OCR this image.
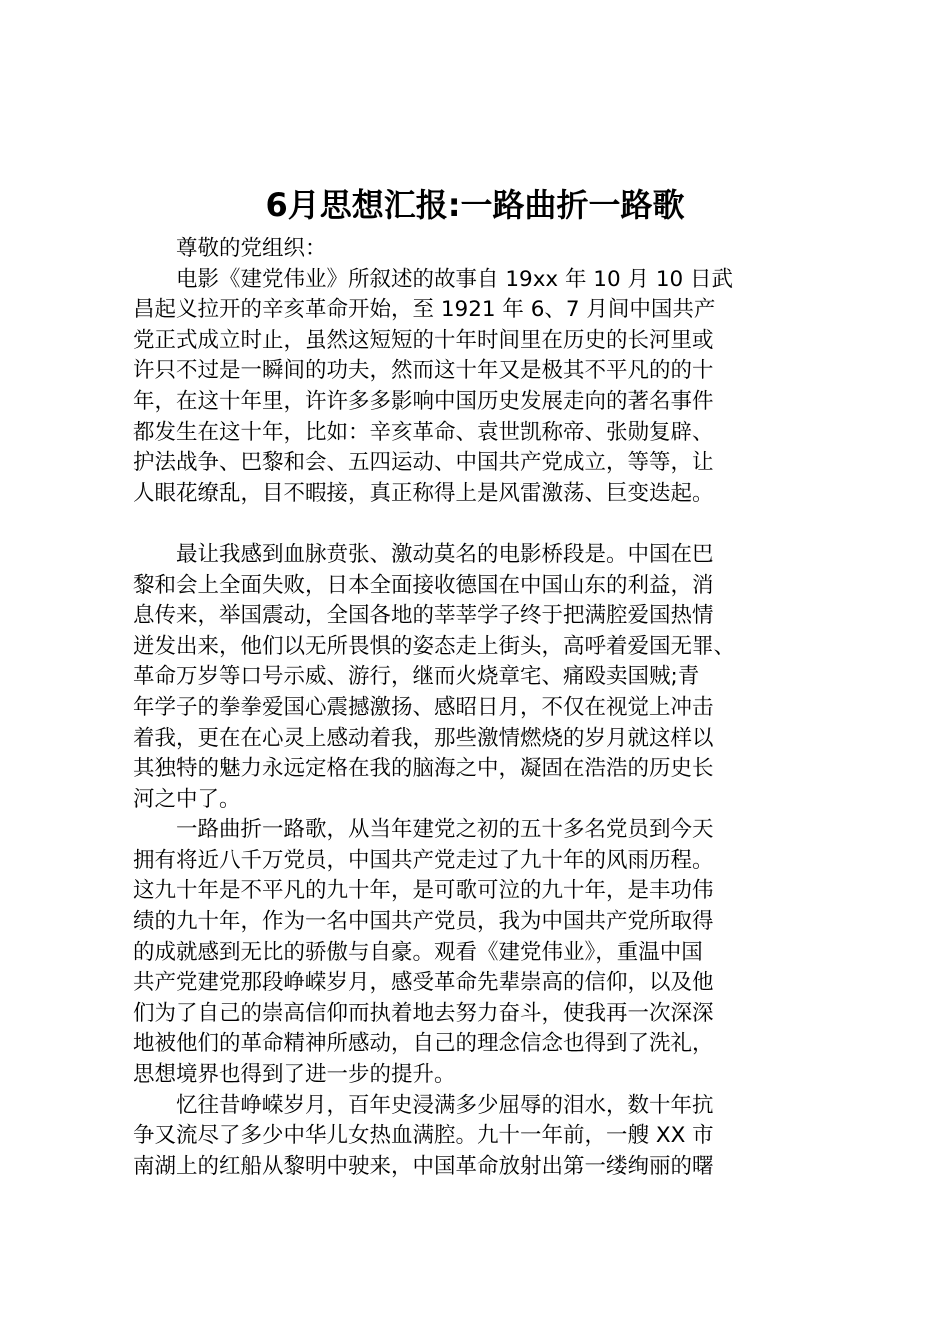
6月思想汇报:一路曲折一路歌

尊敬的党组织：

电影《建党伟业》所叙述的故事自 19xx 年 10 月 10 日武
昌起义拉开的辛亥革命开始，至 1921 年 6、7 月间中国共产
党正式成立时止，虽然这短短的十年时间里在历史的长河里或
许只不过是一瞬间的功夫，然而这十年又是极其不平凡的的十
年，在这十年里，许许多多影响中国历史发展走向的著名事件
都发生在这十年，比如：辛亥革命、袁世凯称帝、张勋复辟、
护法战争、巴黎和会、五四运动、中国共产党成立，等等，让
人眼花缭乱，目不暇接，真正称得上是风雷激荡、巨变迭起。

最让我感到血脉贲张、激动莫名的电影桥段是。中国在巴
黎和会上全面失败，日本全面接收德国在中国山东的利益，消
息传来，举国震动，全国各地的莘莘学子终于把满腔爱国热情
迸发出来，他们以无所畏惧的姿态走上街头，高呼着爱国无罪、
革命万岁等口号示威、游行，继而火烧章宅、痛殴卖国贼;青
年学子的拳拳爱国心震撼激扬、感昭日月，不仅在视觉上冲击
着我，更在在心灵上感动着我，那些激情燃烧的岁月就这样以
其独特的魅力永远定格在我的脑海之中，凝固在浩浩的历史长
河之中了。

一路曲折一路歌，从当年建党之初的五十多名党员到今天
拥有将近八千万党员，中国共产党走过了九十年的风雨历程。
这九十年是不平凡的九十年，是可歌可泣的九十年，是丰功伟
绩的九十年，作为一名中国共产党员，我为中国共产党所取得
的成就感到无比的骄傲与自豪。观看《建党伟业》，重温中国
共产党建党那段峥嵘岁月，感受革命先辈崇高的信仰，以及他
们为了自己的崇高信仰而执着地去努力奋斗，使我再一次深深
地被他们的革命精神所感动，自己的理念信念也得到了洗礼，
思想境界也得到了进一步的提升。

忆往昔峥嵘岁月，百年史浸满多少屈辱的泪水，数十年抗
争又流尽了多少中华儿女热血满腔。九十一年前，一艘 XX 市
南湖上的红船从黎明中驶来，中国革命放射出第一缕绚丽的曙
